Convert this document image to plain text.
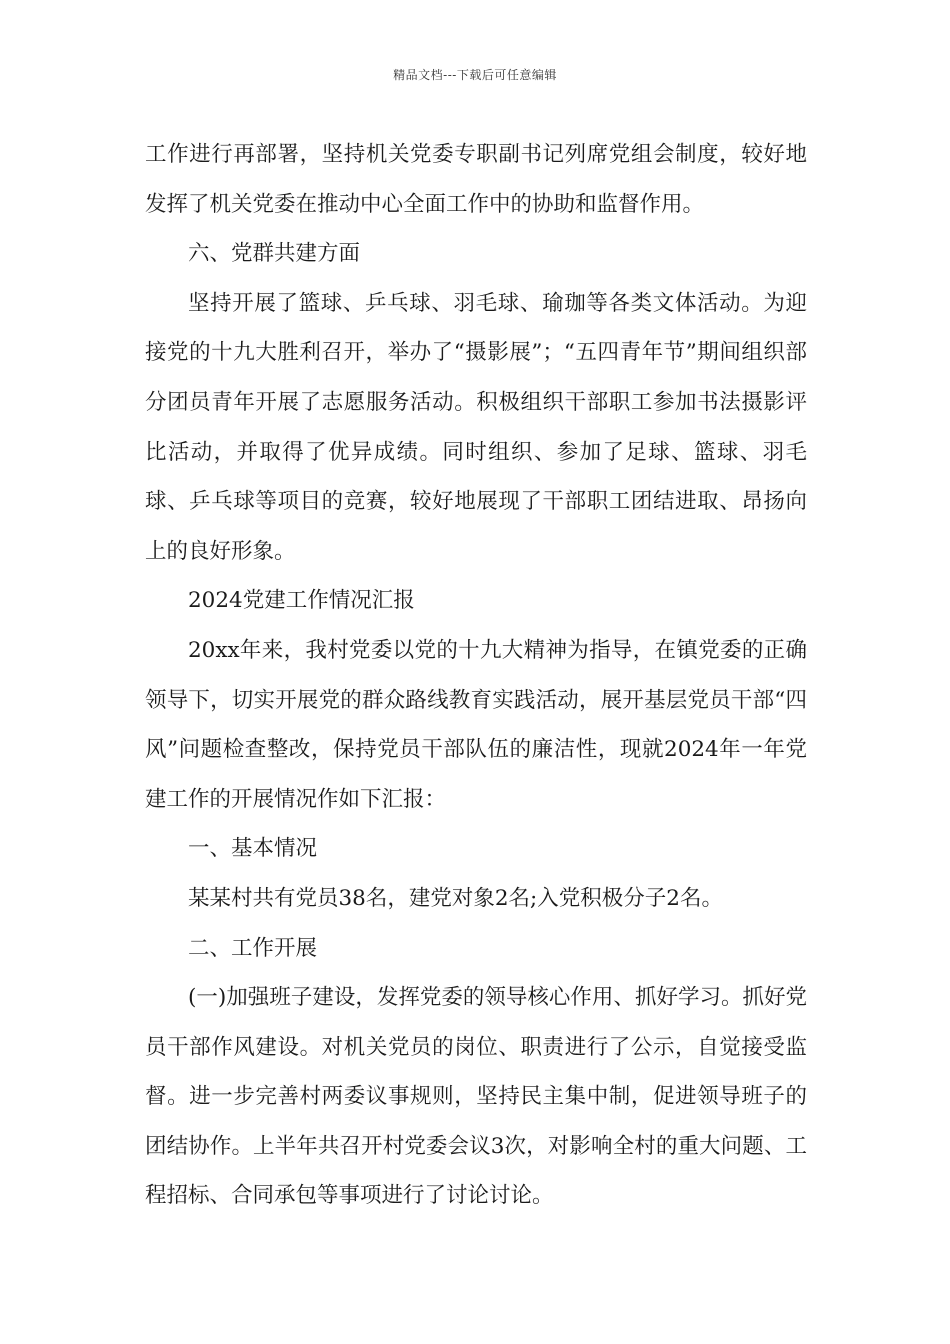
精品文档---下载后可任意编辑

工作进行再部署，坚持机关党委专职副书记列席党组会制度，较好地发挥了机关党委在推动中心全面工作中的协助和监督作用。

六、党群共建方面

坚持开展了篮球、乒乓球、羽毛球、瑜珈等各类文体活动。为迎接党的十九大胜利召开，举办了“摄影展”；“五四青年节”期间组织部分团员青年开展了志愿服务活动。积极组织干部职工参加书法摄影评比活动，并取得了优异成绩。同时组织、参加了足球、篮球、羽毛球、乒乓球等项目的竞赛，较好地展现了干部职工团结进取、昂扬向上的良好形象。

2024党建工作情况汇报

20xx年来，我村党委以党的十九大精神为指导，在镇党委的正确领导下，切实开展党的群众路线教育实践活动，展开基层党员干部“四风”问题检查整改，保持党员干部队伍的廉洁性，现就2024年一年党建工作的开展情况作如下汇报：

一、基本情况

某某村共有党员38名，建党对象2名;入党积极分子2名。

二、工作开展

(一)加强班子建设，发挥党委的领导核心作用、抓好学习。抓好党员干部作风建设。对机关党员的岗位、职责进行了公示，自觉接受监督。进一步完善村两委议事规则，坚持民主集中制，促进领导班子的团结协作。上半年共召开村党委会议3次，对影响全村的重大问题、工程招标、合同承包等事项进行了讨论讨论。
